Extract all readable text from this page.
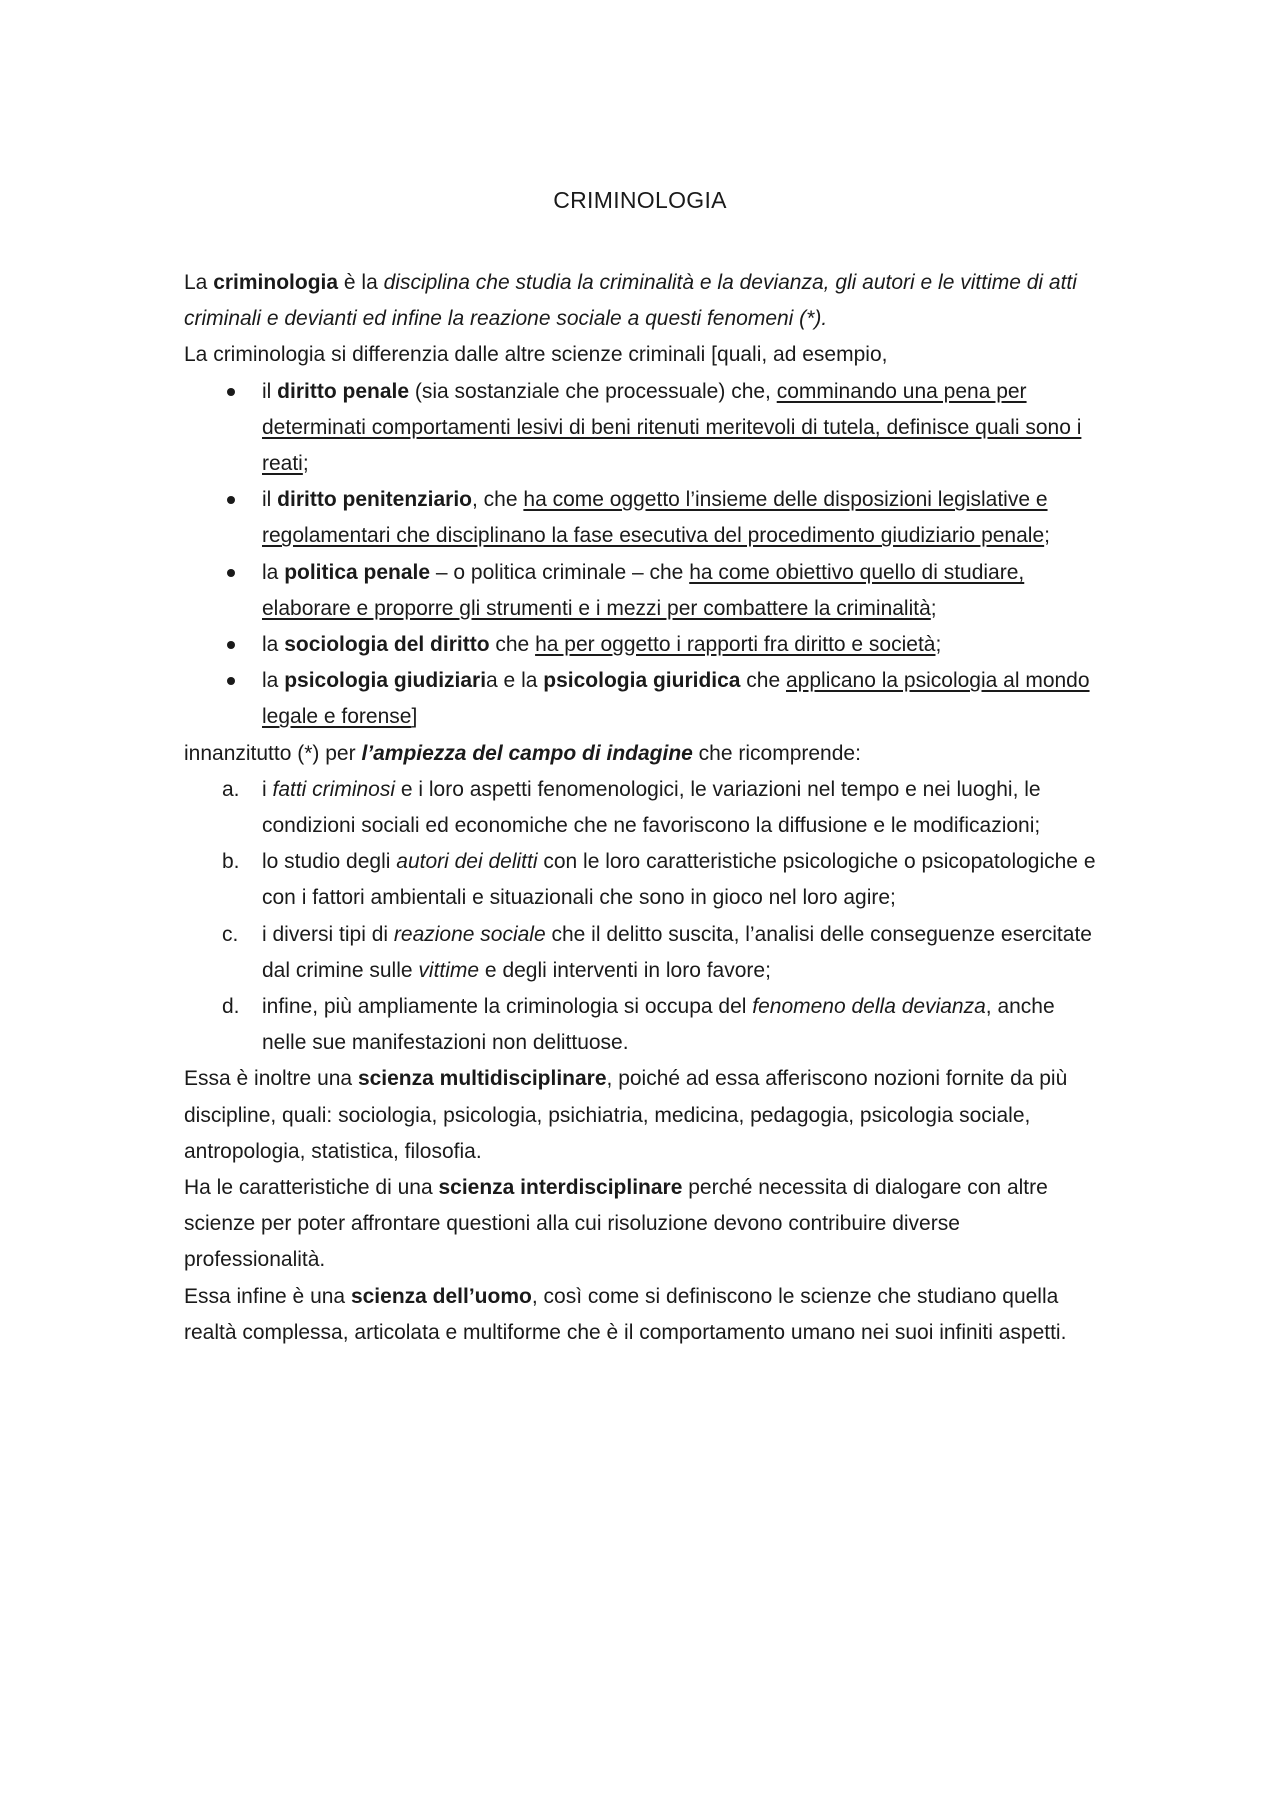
CRIMINOLOGIA

La criminologia è la disciplina che studia la criminalità e la devianza, gli autori e le vittime di atti criminali e devianti ed infine la reazione sociale a questi fenomeni (*).

La criminologia si differenzia dalle altre scienze criminali [quali, ad esempio,

il diritto penale (sia sostanziale che processuale) che, comminando una pena per determinati comportamenti lesivi di beni ritenuti meritevoli di tutela, definisce quali sono i reati;
il diritto penitenziario, che ha come oggetto l’insieme delle disposizioni legislative e regolamentari che disciplinano la fase esecutiva del procedimento giudiziario penale;
la politica penale – o politica criminale – che ha come obiettivo quello di studiare, elaborare e proporre gli strumenti e i mezzi per combattere la criminalità;
la sociologia del diritto che ha per oggetto i rapporti fra diritto e società;
la psicologia giudiziaria e la psicologia giuridica che applicano la psicologia al mondo legale e forense]

innanzitutto (*) per l’ampiezza del campo di indagine che ricomprende:

a.	i fatti criminosi e i loro aspetti fenomenologici, le variazioni nel tempo e nei luoghi, le condizioni sociali ed economiche che ne favoriscono la diffusione e le modificazioni;
b.	lo studio degli autori dei delitti con le loro caratteristiche psicologiche o psicopatologiche e con i fattori ambientali e situazionali che sono in gioco nel loro agire;
c.	i diversi tipi di reazione sociale che il delitto suscita, l’analisi delle conseguenze esercitate dal crimine sulle vittime e degli interventi in loro favore;
d.	infine, più ampliamente la criminologia si occupa del fenomeno della devianza, anche nelle sue manifestazioni non delittuose.

Essa è inoltre una scienza multidisciplinare, poiché ad essa afferiscono nozioni fornite da più discipline, quali: sociologia, psicologia, psichiatria, medicina, pedagogia, psicologia sociale, antropologia, statistica, filosofia.

Ha le caratteristiche di una scienza interdisciplinare perché necessita di dialogare con altre scienze per poter affrontare questioni alla cui risoluzione devono contribuire diverse professionalità.

Essa infine è una scienza dell’uomo, così come si definiscono le scienze che studiano quella realtà complessa, articolata e multiforme che è il comportamento umano nei suoi infiniti aspetti.
